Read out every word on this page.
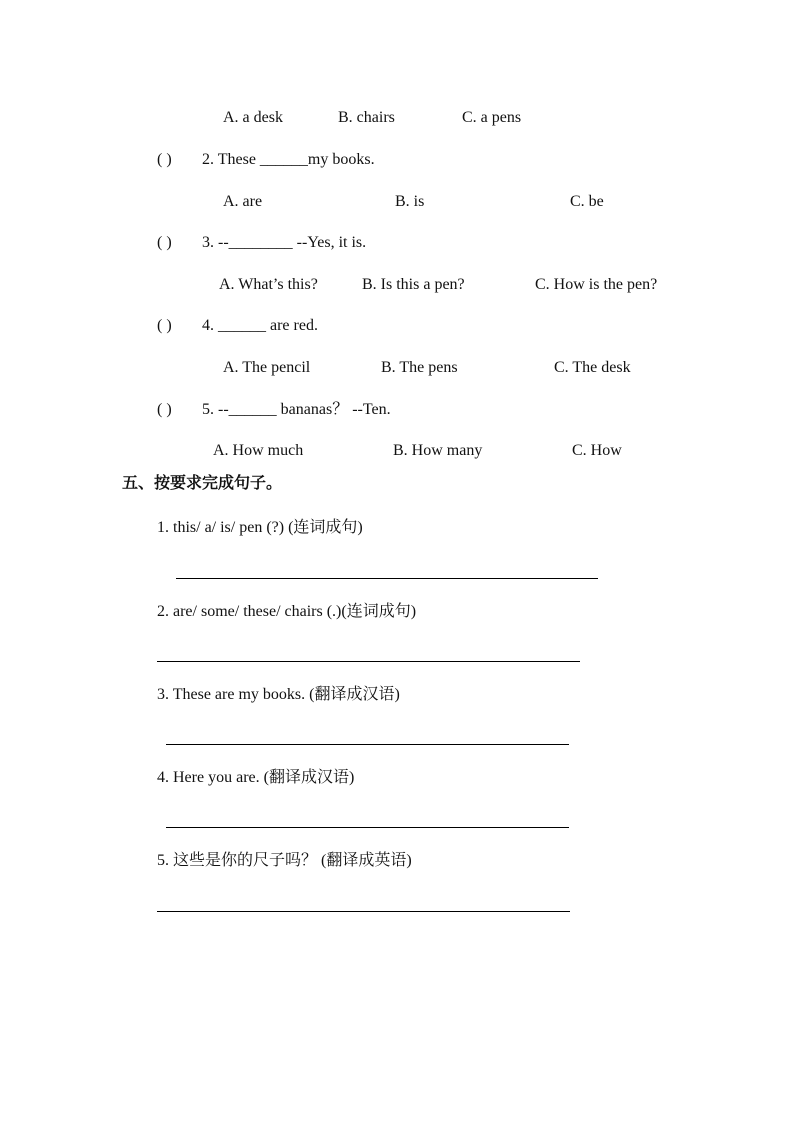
A. a desk	B. chairs	C. a pens
( ) 2. These ______my books.
A. are	B. is	C. be
( ) 3. --________ --Yes, it is.
A. What’s this?	B. Is this a pen?	C. How is the pen?
( ) 4. ______ are red.
A. The pencil	B. The pens	C. The desk
( ) 5. --______ bananas？ --Ten.
A. How much	B. How many	C. How
五、按要求完成句子。
1. this/ a/ is/ pen (?) (连词成句)
2. are/ some/ these/ chairs (.)(连词成句)
3. These are my books. (翻译成汉语)
4. Here you are. (翻译成汉语)
5. 这些是你的尺子吗？ (翻译成英语)
